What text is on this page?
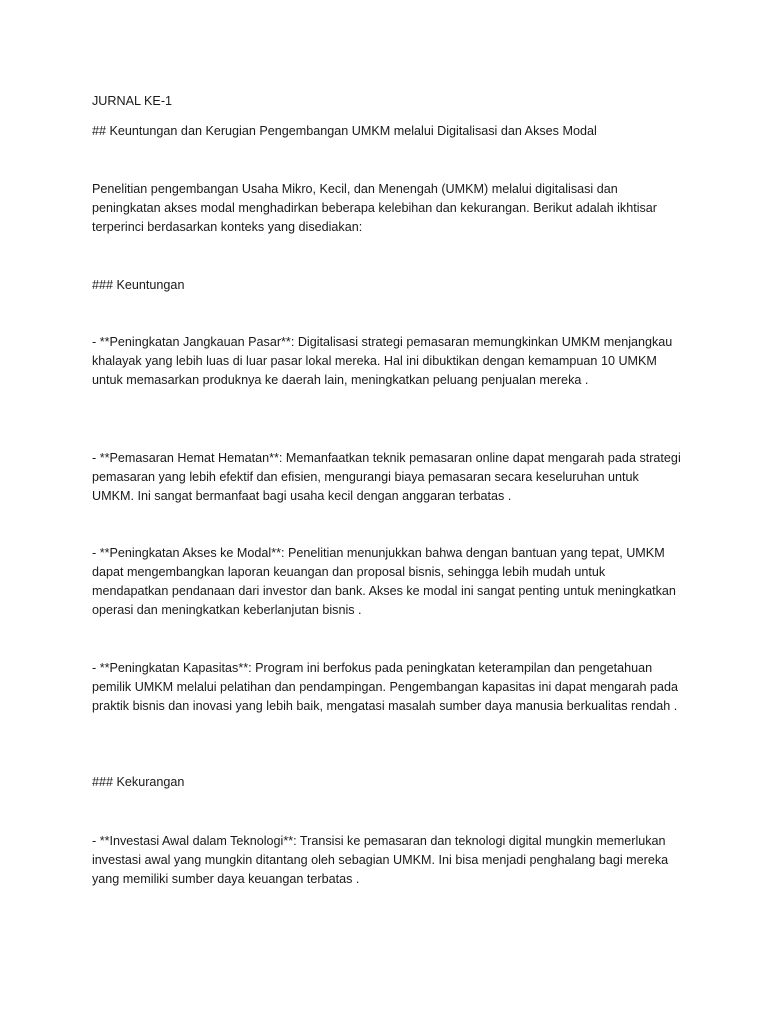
JURNAL KE-1

## Keuntungan dan Kerugian Pengembangan UMKM melalui Digitalisasi dan Akses Modal

Penelitian pengembangan Usaha Mikro, Kecil, dan Menengah (UMKM) melalui digitalisasi dan peningkatan akses modal menghadirkan beberapa kelebihan dan kekurangan. Berikut adalah ikhtisar terperinci berdasarkan konteks yang disediakan:

### Keuntungan

- **Peningkatan Jangkauan Pasar**: Digitalisasi strategi pemasaran memungkinkan UMKM menjangkau khalayak yang lebih luas di luar pasar lokal mereka. Hal ini dibuktikan dengan kemampuan 10 UMKM untuk memasarkan produknya ke daerah lain, meningkatkan peluang penjualan mereka .

- **Pemasaran Hemat Hematan**: Memanfaatkan teknik pemasaran online dapat mengarah pada strategi pemasaran yang lebih efektif dan efisien, mengurangi biaya pemasaran secara keseluruhan untuk UMKM. Ini sangat bermanfaat bagi usaha kecil dengan anggaran terbatas .

- **Peningkatan Akses ke Modal**: Penelitian menunjukkan bahwa dengan bantuan yang tepat, UMKM dapat mengembangkan laporan keuangan dan proposal bisnis, sehingga lebih mudah untuk mendapatkan pendanaan dari investor dan bank. Akses ke modal ini sangat penting untuk meningkatkan operasi dan meningkatkan keberlanjutan bisnis .

- **Peningkatan Kapasitas**: Program ini berfokus pada peningkatan keterampilan dan pengetahuan pemilik UMKM melalui pelatihan dan pendampingan. Pengembangan kapasitas ini dapat mengarah pada praktik bisnis dan inovasi yang lebih baik, mengatasi masalah sumber daya manusia berkualitas rendah .

### Kekurangan

- **Investasi Awal dalam Teknologi**: Transisi ke pemasaran dan teknologi digital mungkin memerlukan investasi awal yang mungkin ditantang oleh sebagian UMKM. Ini bisa menjadi penghalang bagi mereka yang memiliki sumber daya keuangan terbatas .
